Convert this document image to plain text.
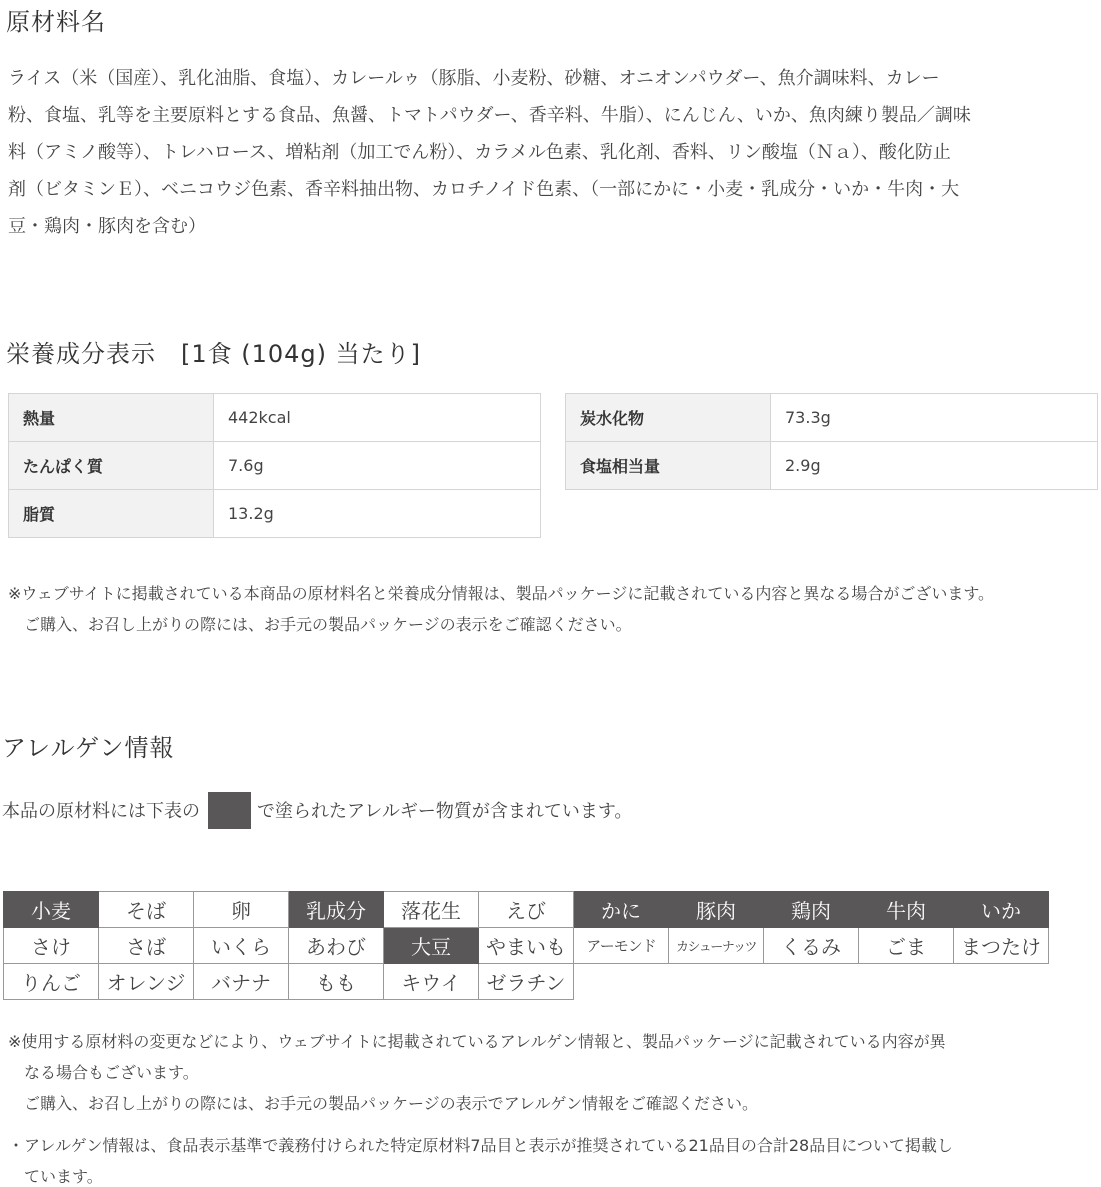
原材料名
ライス（米（国産）、乳化油脂、食塩）、カレールゥ（豚脂、小麦粉、砂糖、オニオンパウダー、魚介調味料、カレー
粉、食塩、乳等を主要原料とする食品、魚醤、トマトパウダー、香辛料、牛脂）、にんじん、いか、魚肉練り製品／調味
料（アミノ酸等）、トレハロース、増粘剤（加工でん粉）、カラメル色素、乳化剤、香料、リン酸塩（Ｎａ）、酸化防止
剤（ビタミンＥ）、ベニコウジ色素、香辛料抽出物、カロチノイド色素、（一部にかに・小麦・乳成分・いか・牛肉・大
豆・鶏肉・豚肉を含む）
栄養成分表示　[1食 (104g) 当たり]
熱量	442kcal
たんぱく質	7.6g
脂質	13.2g
炭水化物	73.3g
食塩相当量	2.9g
※ウェブサイトに掲載されている本商品の原材料名と栄養成分情報は、製品パッケージに記載されている内容と異なる場合がございます。
ご購入、お召し上がりの際には、お手元の製品パッケージの表示をご確認ください。
アレルゲン情報
本品の原材料には下表の	で塗られたアレルギー物質が含まれています。
小麦	そば	卵	乳成分	落花生	えび	かに	豚肉	鶏肉	牛肉	いか
さけ	さば	いくら	あわび	大豆	やまいも	アーモンド	カシューナッツ	くるみ	ごま	まつたけ
りんご	オレンジ	バナナ	もも	キウイ	ゼラチン					
※使用する原材料の変更などにより、ウェブサイトに掲載されているアレルゲン情報と、製品パッケージに記載されている内容が異
なる場合もございます。
ご購入、お召し上がりの際には、お手元の製品パッケージの表示でアレルゲン情報をご確認ください。
・アレルゲン情報は、食品表示基準で義務付けられた特定原材料7品目と表示が推奨されている21品目の合計28品目について掲載し
ています。
